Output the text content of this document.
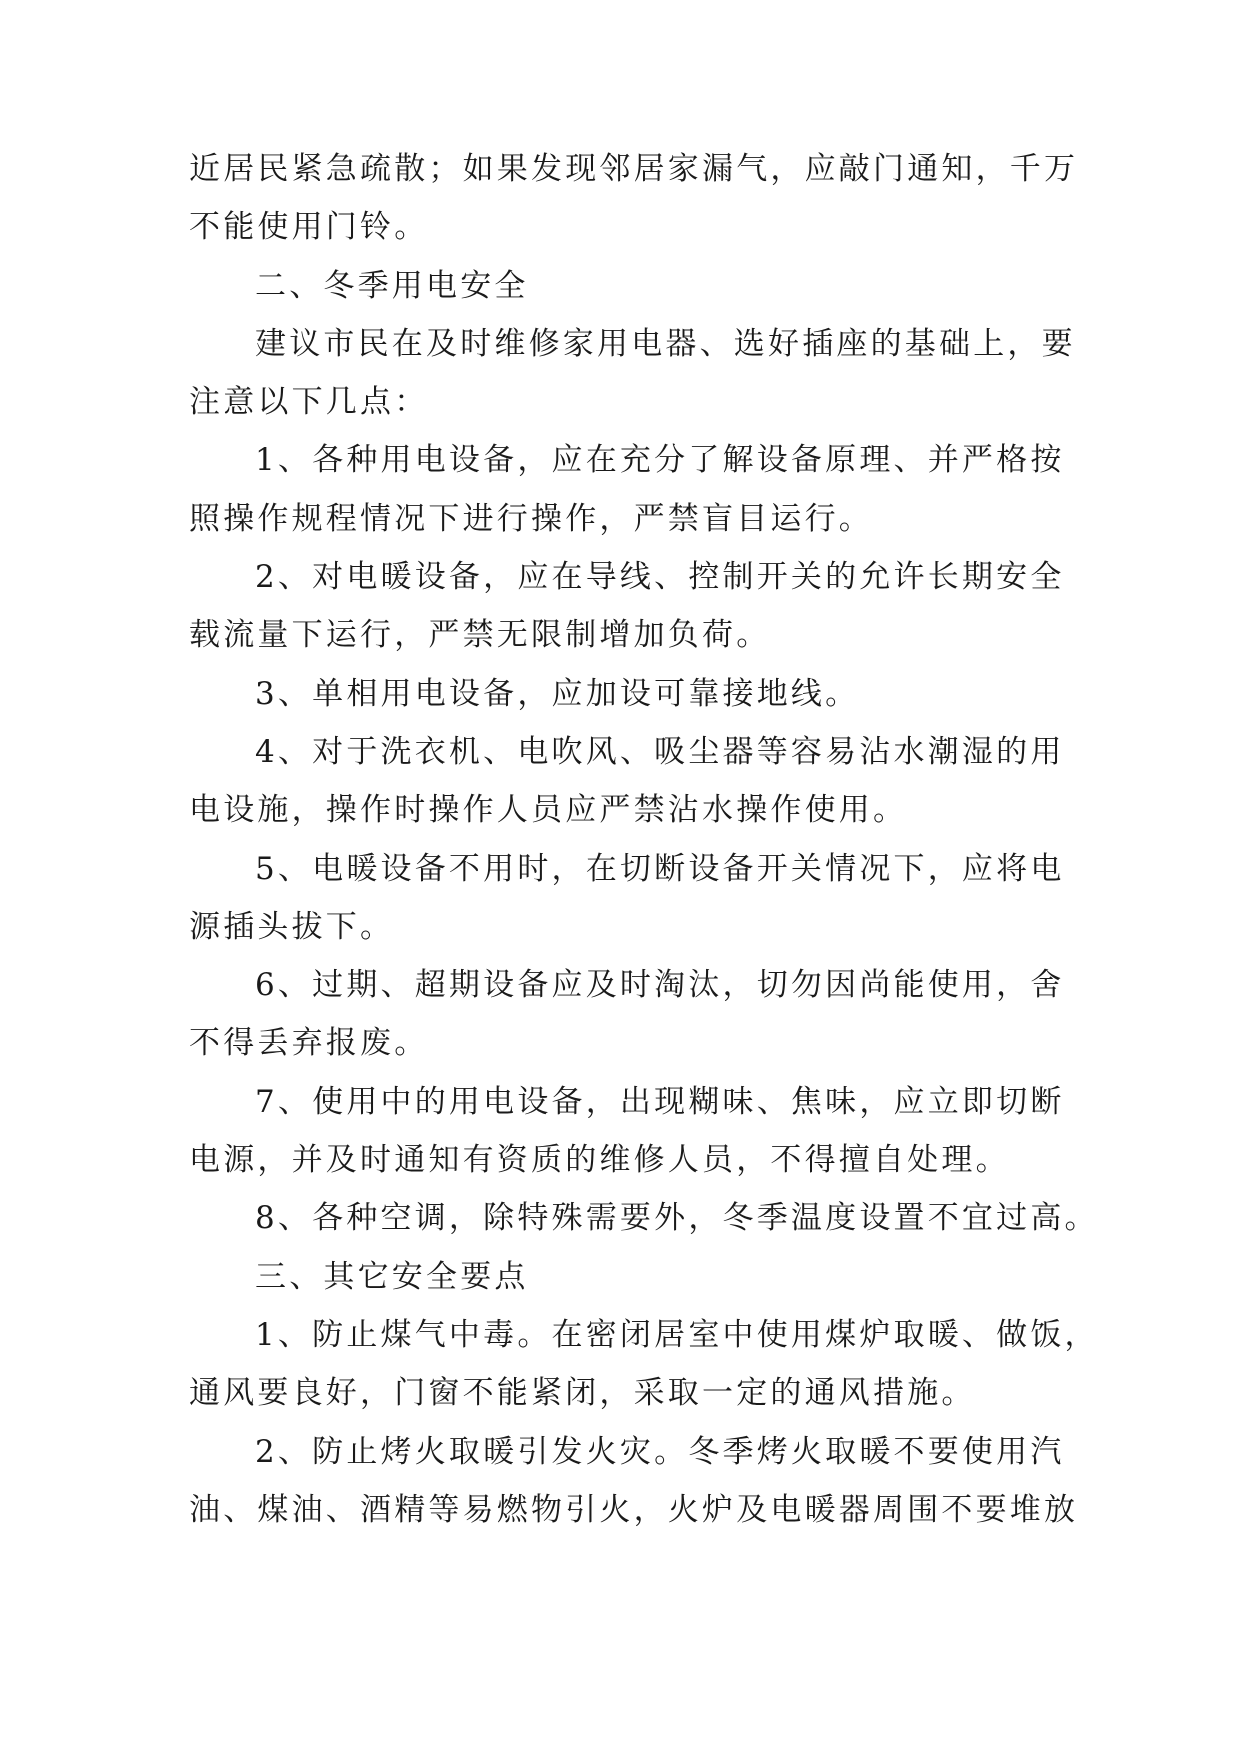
近居民紧急疏散；如果发现邻居家漏气，应敲门通知，千万
不能使用门铃。
二、冬季用电安全
建议市民在及时维修家用电器、选好插座的基础上，要
注意以下几点：
1、各种用电设备，应在充分了解设备原理、并严格按
照操作规程情况下进行操作，严禁盲目运行。
2、对电暖设备，应在导线、控制开关的允许长期安全
载流量下运行，严禁无限制增加负荷。
3、单相用电设备，应加设可靠接地线。
4、对于洗衣机、电吹风、吸尘器等容易沾水潮湿的用
电设施，操作时操作人员应严禁沾水操作使用。
5、电暖设备不用时，在切断设备开关情况下，应将电
源插头拔下。
6、过期、超期设备应及时淘汰，切勿因尚能使用，舍
不得丢弃报废。
7、使用中的用电设备，出现糊味、焦味，应立即切断
电源，并及时通知有资质的维修人员，不得擅自处理。
8、各种空调，除特殊需要外，冬季温度设置不宜过高。
三、其它安全要点
1、防止煤气中毒。在密闭居室中使用煤炉取暖、做饭，
通风要良好，门窗不能紧闭，采取一定的通风措施。
2、防止烤火取暖引发火灾。冬季烤火取暖不要使用汽
油、煤油、酒精等易燃物引火，火炉及电暖器周围不要堆放
